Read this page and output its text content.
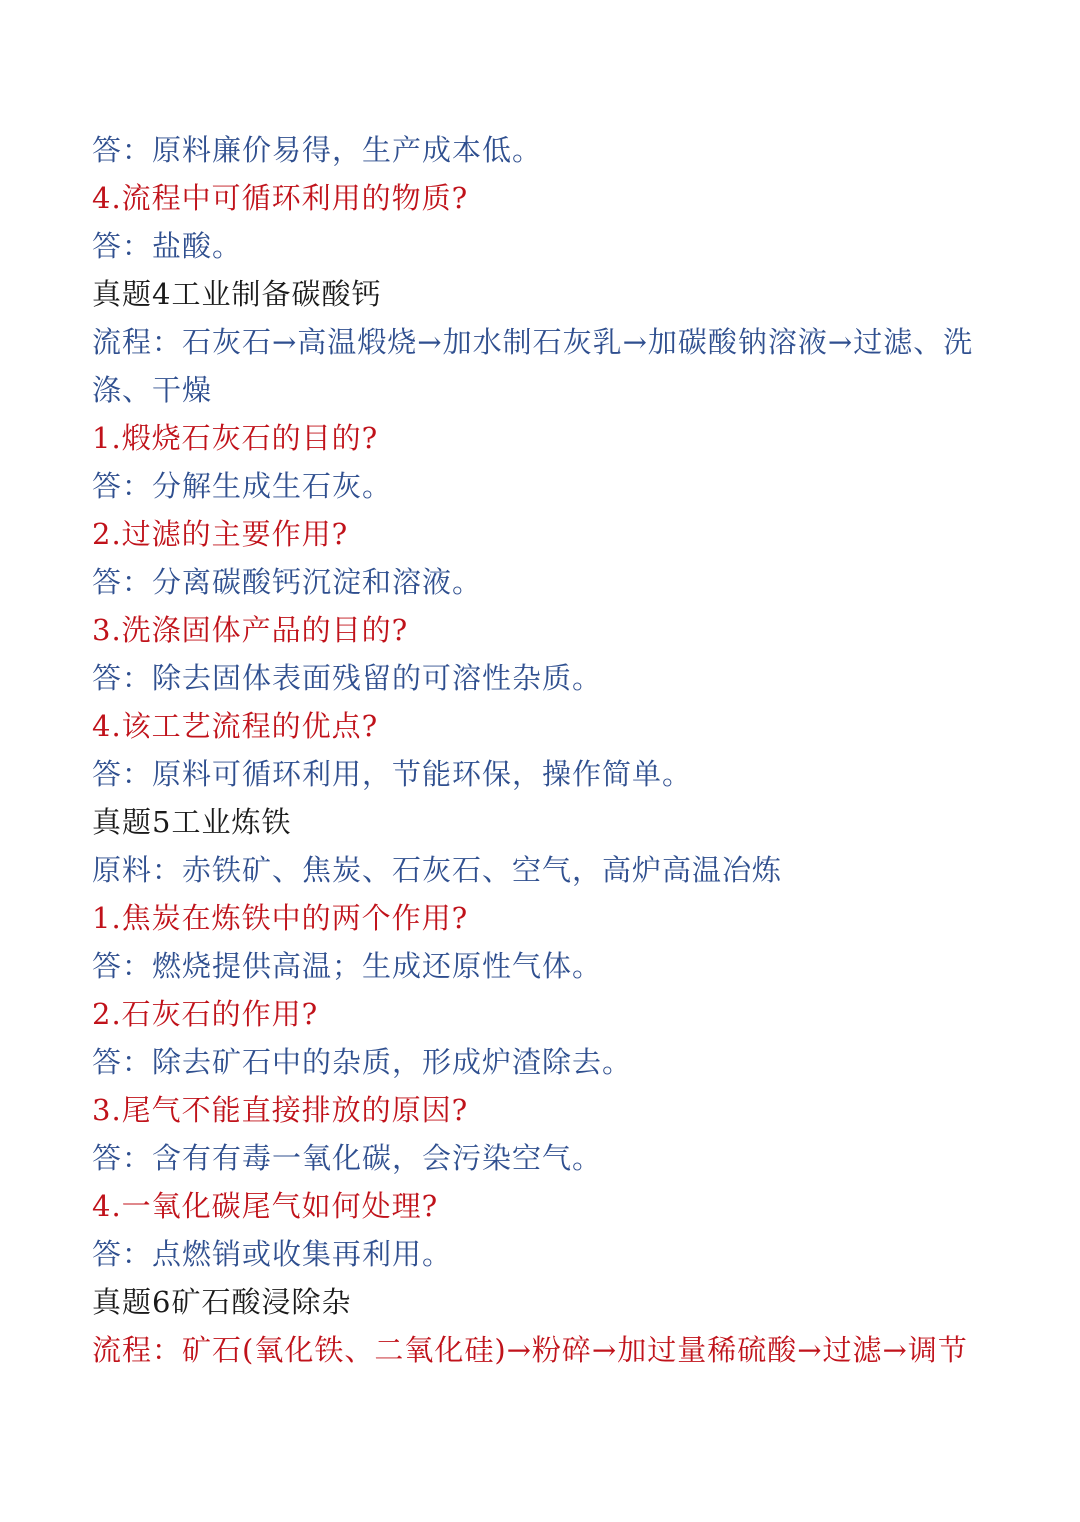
答：原料廉价易得，生产成本低。
4.流程中可循环利用的物质?
答：盐酸。
真题4工业制备碳酸钙
流程：石灰石→高温煅烧→加水制石灰乳→加碳酸钠溶液→过滤、洗涤、干燥
1.煅烧石灰石的目的?
答：分解生成生石灰。
2.过滤的主要作用?
答：分离碳酸钙沉淀和溶液。
3.洗涤固体产品的目的?
答：除去固体表面残留的可溶性杂质。
4.该工艺流程的优点?
答：原料可循环利用，节能环保，操作简单。
真题5工业炼铁
原料：赤铁矿、焦炭、石灰石、空气，高炉高温冶炼
1.焦炭在炼铁中的两个作用?
答：燃烧提供高温；生成还原性气体。
2.石灰石的作用?
答：除去矿石中的杂质，形成炉渣除去。
3.尾气不能直接排放的原因?
答：含有有毒一氧化碳，会污染空气。
4.一氧化碳尾气如何处理?
答：点燃销或收集再利用。
真题6矿石酸浸除杂
流程：矿石(氧化铁、二氧化硅)→粉碎→加过量稀硫酸→过滤→调节
